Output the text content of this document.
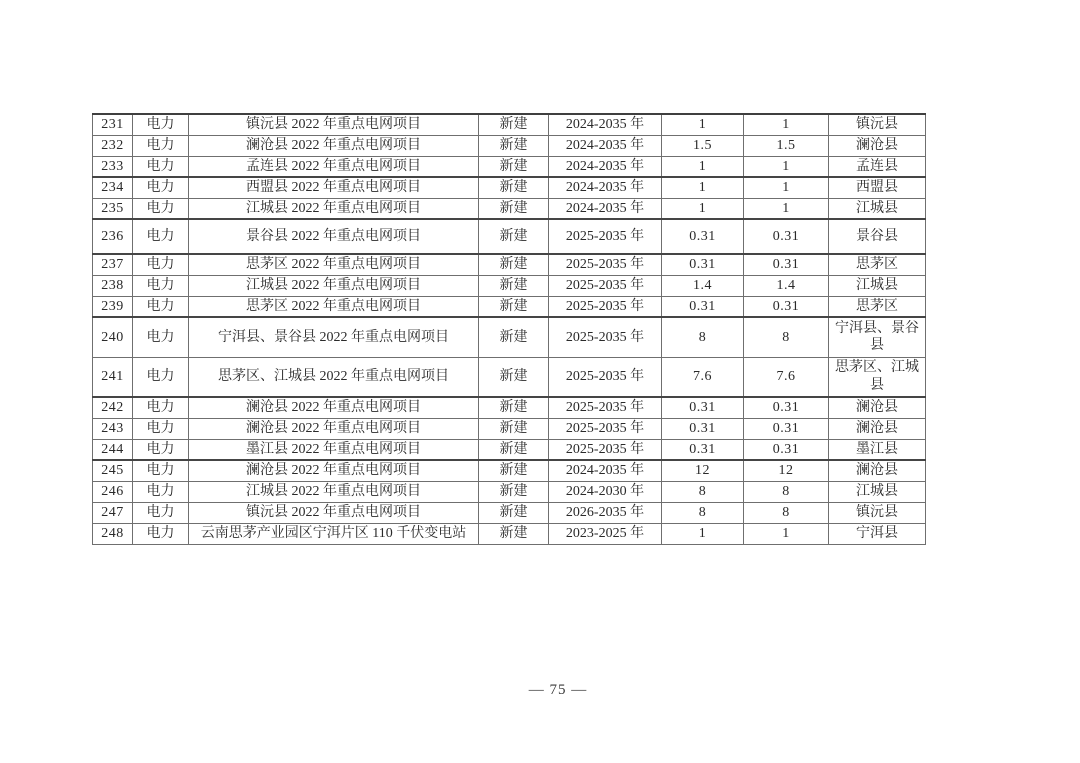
231	电力	镇沅县 2022 年重点电网项目	新建	2024-2035 年	1	1	镇沅县
232	电力	澜沧县 2022 年重点电网项目	新建	2024-2035 年	1.5	1.5	澜沧县
233	电力	孟连县 2022 年重点电网项目	新建	2024-2035 年	1	1	孟连县
234	电力	西盟县 2022 年重点电网项目	新建	2024-2035 年	1	1	西盟县
235	电力	江城县 2022 年重点电网项目	新建	2024-2035 年	1	1	江城县
236	电力	景谷县 2022 年重点电网项目	新建	2025-2035 年	0.31	0.31	景谷县
237	电力	思茅区 2022 年重点电网项目	新建	2025-2035 年	0.31	0.31	思茅区
238	电力	江城县 2022 年重点电网项目	新建	2025-2035 年	1.4	1.4	江城县
239	电力	思茅区 2022 年重点电网项目	新建	2025-2035 年	0.31	0.31	思茅区
240	电力	宁洱县、景谷县 2022 年重点电网项目	新建	2025-2035 年	8	8	宁洱县、景谷县
241	电力	思茅区、江城县 2022 年重点电网项目	新建	2025-2035 年	7.6	7.6	思茅区、江城县
242	电力	澜沧县 2022 年重点电网项目	新建	2025-2035 年	0.31	0.31	澜沧县
243	电力	澜沧县 2022 年重点电网项目	新建	2025-2035 年	0.31	0.31	澜沧县
244	电力	墨江县 2022 年重点电网项目	新建	2025-2035 年	0.31	0.31	墨江县
245	电力	澜沧县 2022 年重点电网项目	新建	2024-2035 年	12	12	澜沧县
246	电力	江城县 2022 年重点电网项目	新建	2024-2030 年	8	8	江城县
247	电力	镇沅县 2022 年重点电网项目	新建	2026-2035 年	8	8	镇沅县
248	电力	云南思茅产业园区宁洱片区 110 千伏变电站	新建	2023-2025 年	1	1	宁洱县
— 75 —
